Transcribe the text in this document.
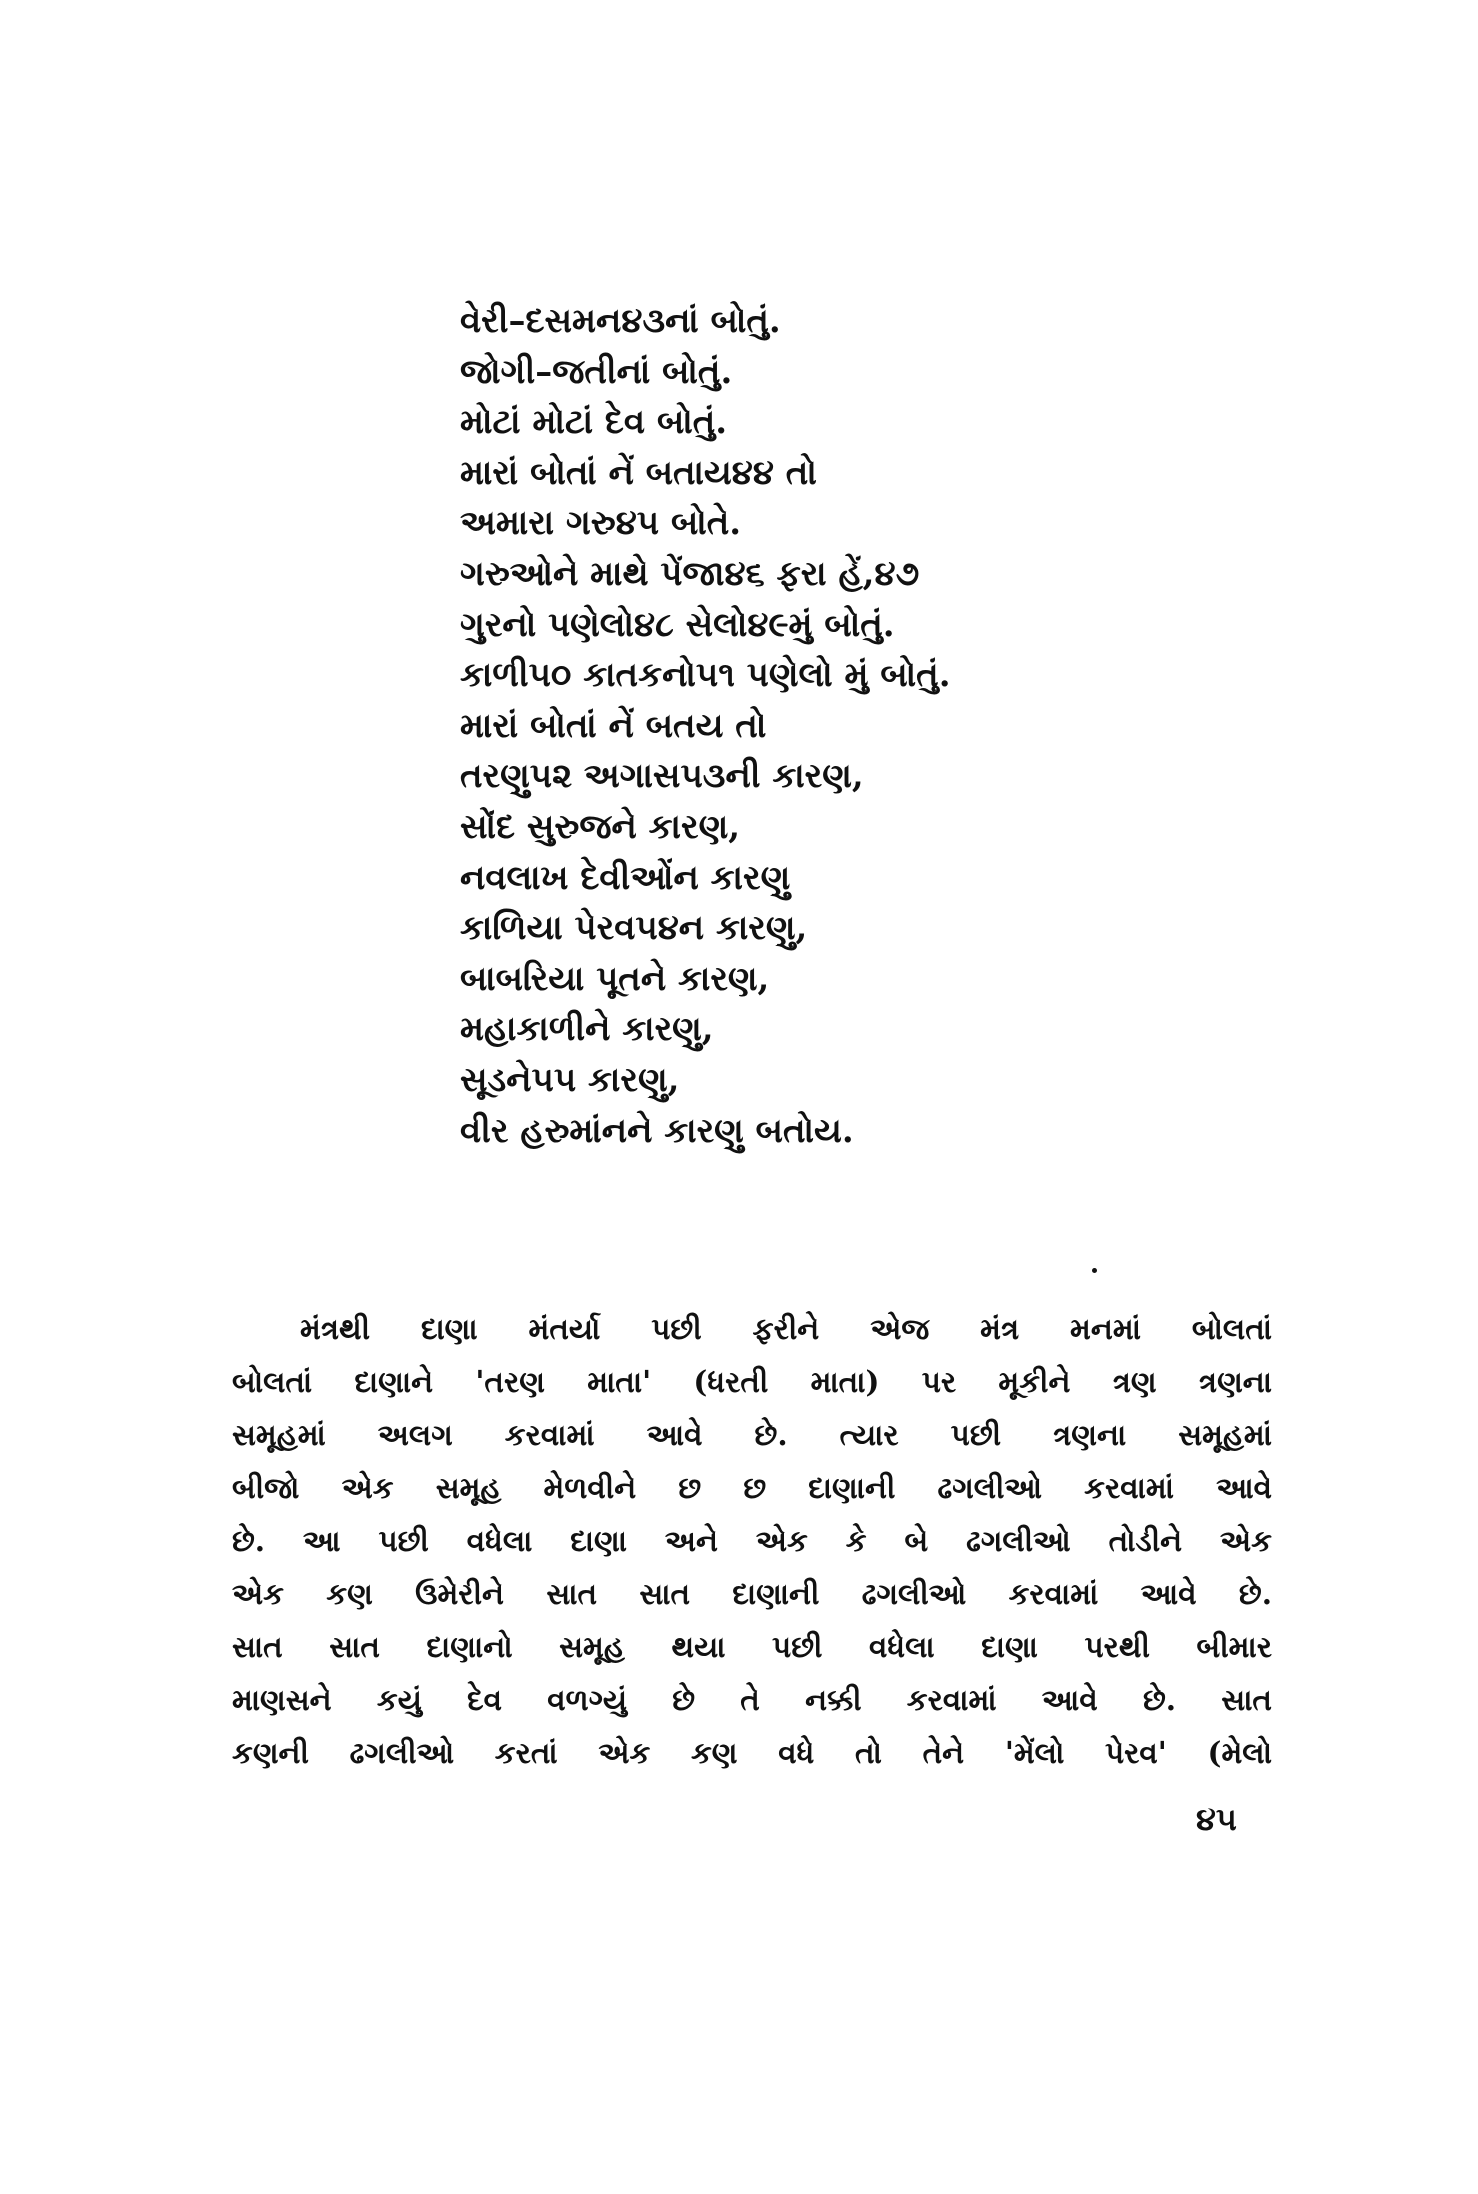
વેરી–દસમન૪૩નાં બોતું.
જોગી–જતીનાં બોતું.
મોટાં મોટાં દેવ બોતું.
મારાં બોતાં નેં બતાય૪૪ તો
અમારા ગરુ૪૫ બોતે.
ગરુઓને માથે પેંજા૪૬ ફરા હેં,૪૭
ગુરનો પણેલો૪૮ સેલો૪૯મું બોતું.
કાળી૫૦ કાતકનો૫૧ પણેલો મું બોતું.
મારાં બોતાં નેં બતય તો
તરણુ૫૨ અગાસ૫૩ની કારણ,
સોંદ સુરુજને કારણ,
નવલાખ દેવીઓંન કારણુ
કાળિયા પેરવ૫૪ન કારણુ,
બાબરિયા પૂતને કારણ,
મહાકાળીને કારણુ,
સૂડને૫૫ કારણુ,
વીર હરુમાંનને કારણુ બતોય.
મંત્રથી દાણા મંતર્યા પછી ફરીને એજ મંત્ર મનમાં બોલતાં
બોલતાં દાણાને 'તરણ માતા' (ધરતી માતા) પર મૂકીને ત્રણ ત્રણના
સમૂહમાં અલગ કરવામાં આવે છે. ત્યાર પછી ત્રણના સમૂહમાં
બીજો એક સમૂહ મેળવીને છ છ દાણાની ઢગલીઓ કરવામાં આવે
છે. આ પછી વધેલા દાણા અને એક કે બે ઢગલીઓ તોડીને એક
એક કણ ઉમેરીને સાત સાત દાણાની ઢગલીઓ કરવામાં આવે છે.
સાત સાત દાણાનો સમૂહ થયા પછી વધેલા દાણા પરથી બીમાર
માણસને કયું દેવ વળગ્યું છે તે નક્કી કરવામાં આવે છે. સાત
કણની ઢગલીઓ કરતાં એક કણ વધે તો તેને 'મેંલો પેરવ' (મેલો
૪૫
